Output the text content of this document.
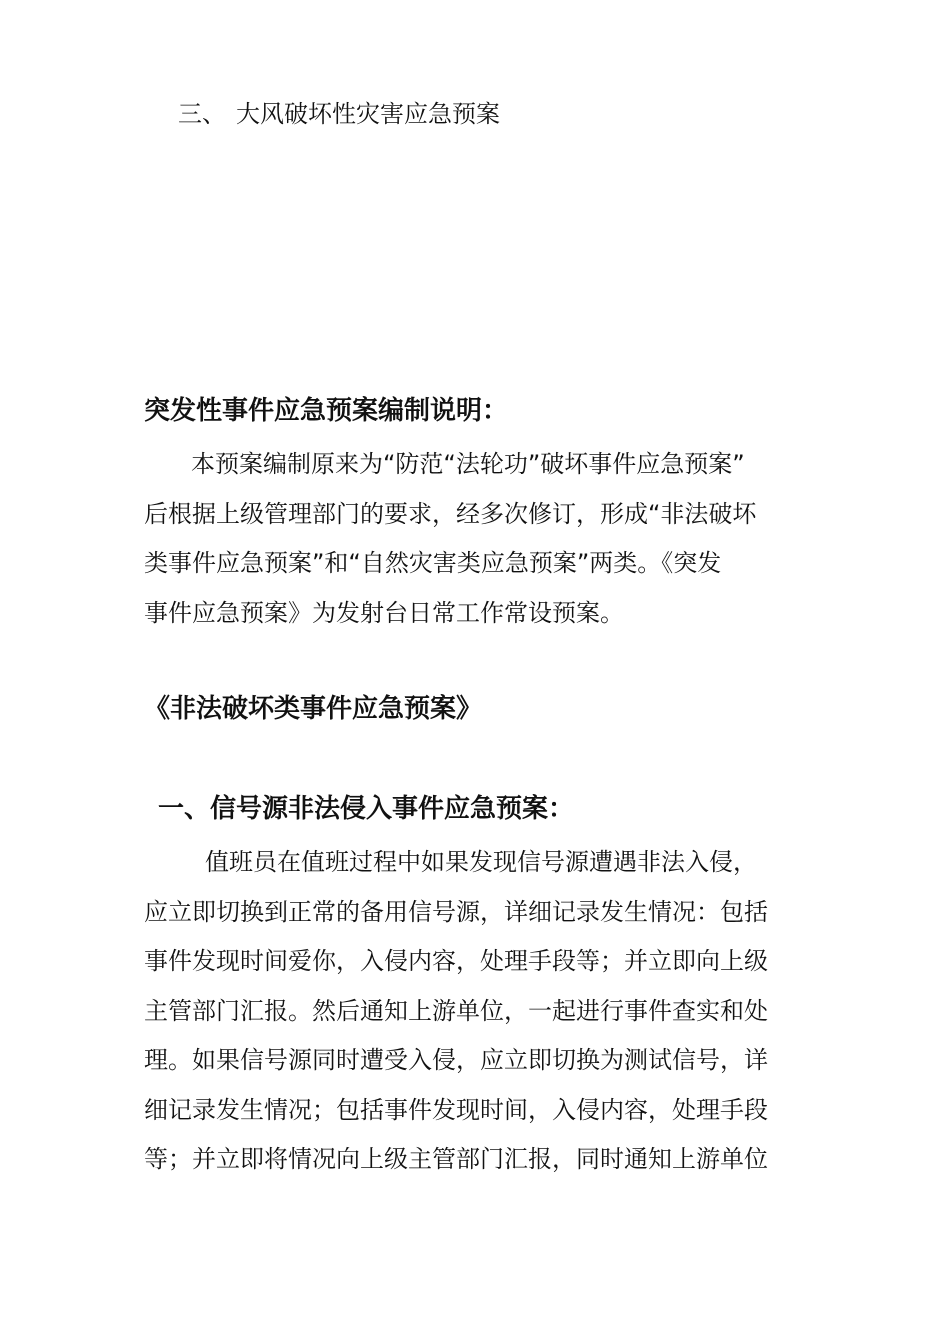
三、 大风破坏性灾害应急预案
突发性事件应急预案编制说明：
本预案编制原来为“防范“法轮功”破坏事件应急预案”
后根据上级管理部门的要求，经多次修订，形成“非法破坏
类事件应急预案”和“自然灾害类应急预案”两类。《突发
事件应急预案》为发射台日常工作常设预案。
《非法破坏类事件应急预案》
一、信号源非法侵入事件应急预案：
值班员在值班过程中如果发现信号源遭遇非法入侵，
应立即切换到正常的备用信号源，详细记录发生情况：包括
事件发现时间爱你，入侵内容，处理手段等；并立即向上级
主管部门汇报。然后通知上游单位，一起进行事件查实和处
理。如果信号源同时遭受入侵，应立即切换为测试信号，详
细记录发生情况；包括事件发现时间，入侵内容，处理手段
等；并立即将情况向上级主管部门汇报，同时通知上游单位
